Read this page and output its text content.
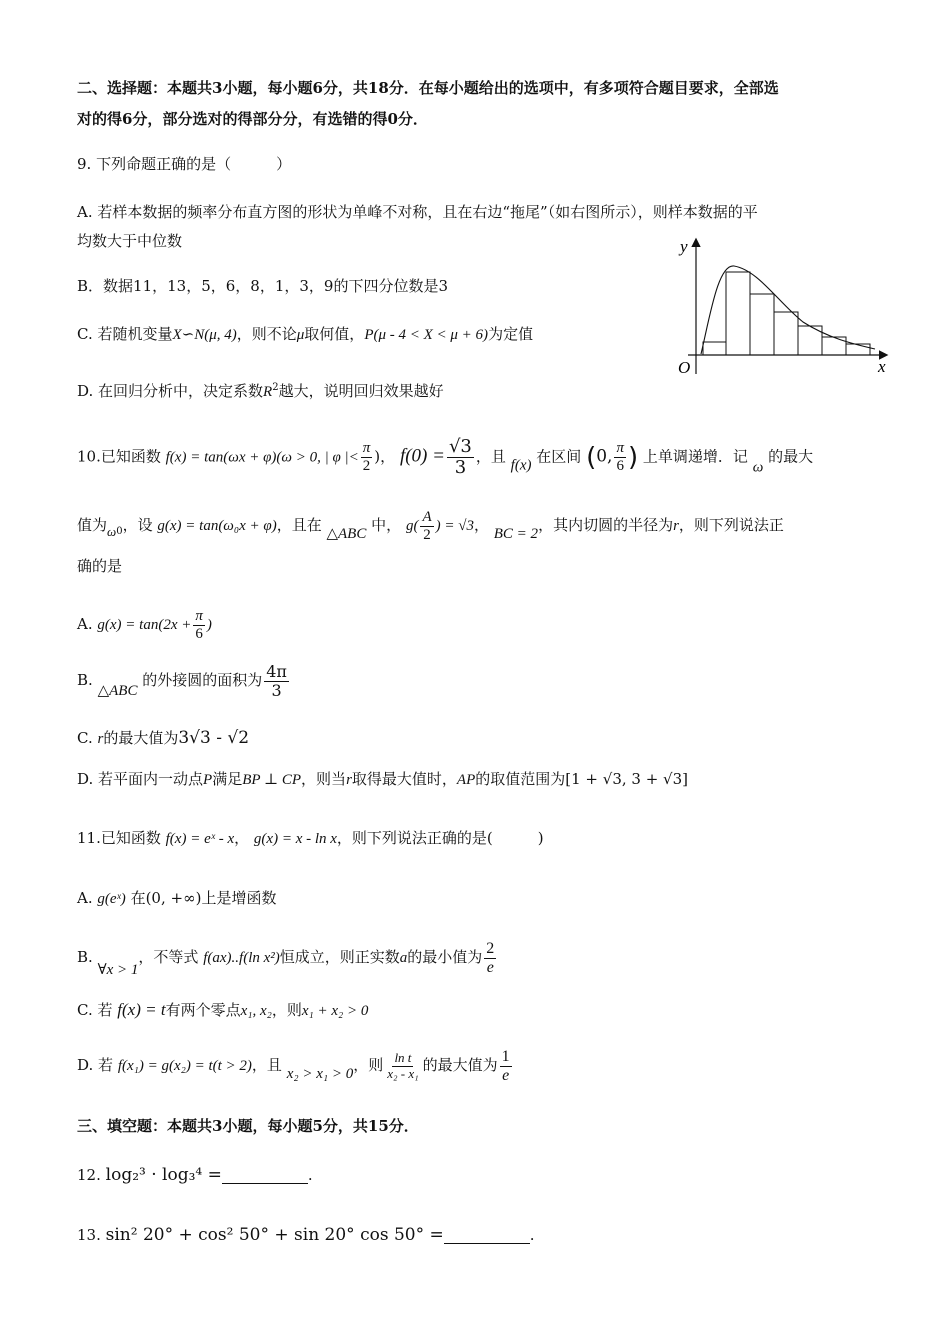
二、选择题：本题共3小题，每小题6分，共18分．在每小题给出的选项中，有多项符合题目要求，全部选
对的得6分，部分选对的得部分分，有选错的得0分．
9. 下列命题正确的是（　　　）
A. 若样本数据的频率分布直方图的形状为单峰不对称，且在右边“拖尾”（如右图所示），则样本数据的平
均数大于中位数
B．数据11，13，5，6，8，1，3，9的下四分位数是3
C. 若随机变量X∽N(μ, 4)，则不论μ取何值，P(μ - 4 < X < μ + 6)为定值
D. 在回归分析中，决定系数$R^2$越大，说明回归效果越好
y
x
O
10.已知函数 f(x) = tan(ωx + φ)(ω > 0, | φ |< $\frac{\pi}{2}$ )， $f(0) = \frac{√3}{3}$ ，且 f(x) 在区间 (0, $\frac{\pi}{6}$ ) 上单调递增．记 ω 的最大
值为$\omega_0$，设 g(x) = tan(ω₀x + φ)，且在 △ABC 中， $g( \frac{A}{2}$ ) = √3， BC = 2，其内切圆的半径为r，则下列说法正
确的是
A. $g(x) = \tan(2x + \frac{\pi}{6}$ )
B. △ABC 的外接圆的面积为 $\frac{4\pi}{3}$
C. r的最大值为3√3 - √2
D. 若平面内一动点P满足BP ⊥ CP，则当r取得最大值时，AP的取值范围为[1 + √3, 3 + √3]
11.已知函数 f(x) = eˣ - x， g(x) = x - ln x，则下列说法正确的是(　　　)
A. g(eˣ) 在(0, +∞)上是增函数
B. ∀x > 1，不等式 f(ax)..f(ln x²)恒成立，则正实数a的最小值为 $\frac{2}{e}$
C. 若 f(x) = t有两个零点x₁, x₂，则x₁ + x₂ > 0
D. 若 f(x₁) = g(x₂) = t(t > 2)，且 x₂ > x₁ > 0，则 $\frac{\text{ln t}}{\text{x₂ - x₁}}$ 的最大值为 $\frac{1}{e}$
三、填空题：本题共3小题，每小题5分，共15分．
12. log₂³ · log₃⁴ =	.
13. sin² 20° + cos² 50° + sin 20° cos 50° =	.
